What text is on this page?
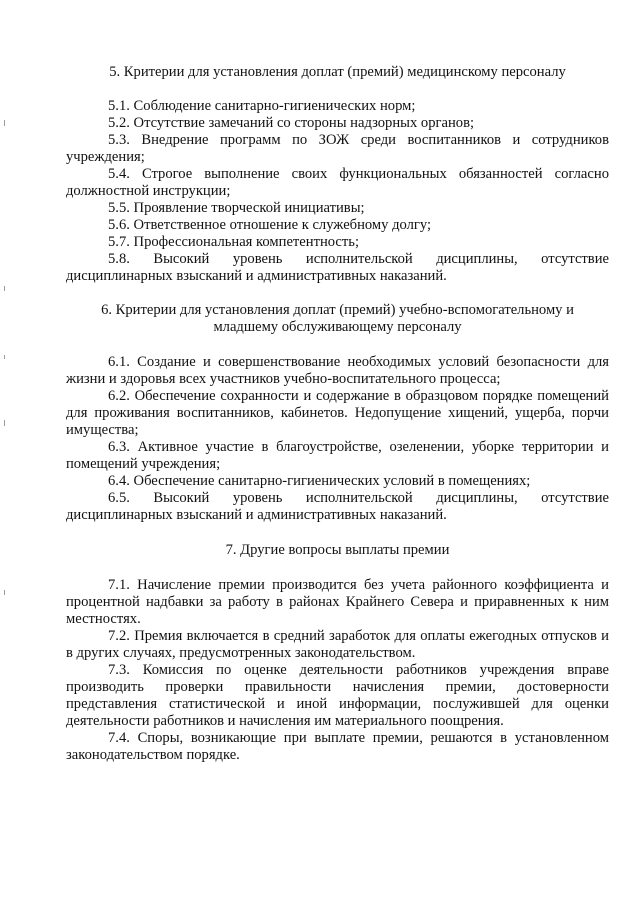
5. Критерии для установления доплат (премий) медицинскому персоналу

5.1. Соблюдение санитарно-гигиенических норм;

5.2. Отсутствие замечаний со стороны надзорных органов;

5.3. Внедрение программ по ЗОЖ среди воспитанников и сотрудников учреждения;

5.4. Строгое выполнение своих функциональных обязанностей согласно должностной инструкции;

5.5. Проявление творческой инициативы;

5.6. Ответственное отношение к служебному долгу;

5.7. Профессиональная компетентность;

5.8. Высокий уровень исполнительской дисциплины, отсутствие дисциплинарных взысканий и административных наказаний.

6. Критерии для установления доплат (премий) учебно-вспомогательному и
младшему обслуживающему персоналу

6.1. Создание и совершенствование необходимых условий безопасности для жизни и здоровья всех участников учебно-воспитательного процесса;

6.2. Обеспечение сохранности и содержание в образцовом порядке помещений для проживания воспитанников, кабинетов. Недопущение хищений, ущерба, порчи имущества;

6.3. Активное участие в благоустройстве, озеленении, уборке территории и помещений учреждения;

6.4. Обеспечение санитарно-гигиенических условий в помещениях;

6.5. Высокий уровень исполнительской дисциплины, отсутствие дисциплинарных взысканий и административных наказаний.

7. Другие вопросы выплаты премии

7.1. Начисление премии производится без учета районного коэффициента и процентной надбавки за работу в районах Крайнего Севера и приравненных к ним местностях.

7.2. Премия включается в средний заработок для оплаты ежегодных отпусков и в других случаях, предусмотренных законодательством.

7.3. Комиссия по оценке деятельности работников учреждения вправе производить проверки правильности начисления премии, достоверности представления статистической и иной информации, послужившей для оценки деятельности работников и начисления им материального поощрения.

7.4. Споры, возникающие при выплате премии, решаются в установленном законодательством порядке.
